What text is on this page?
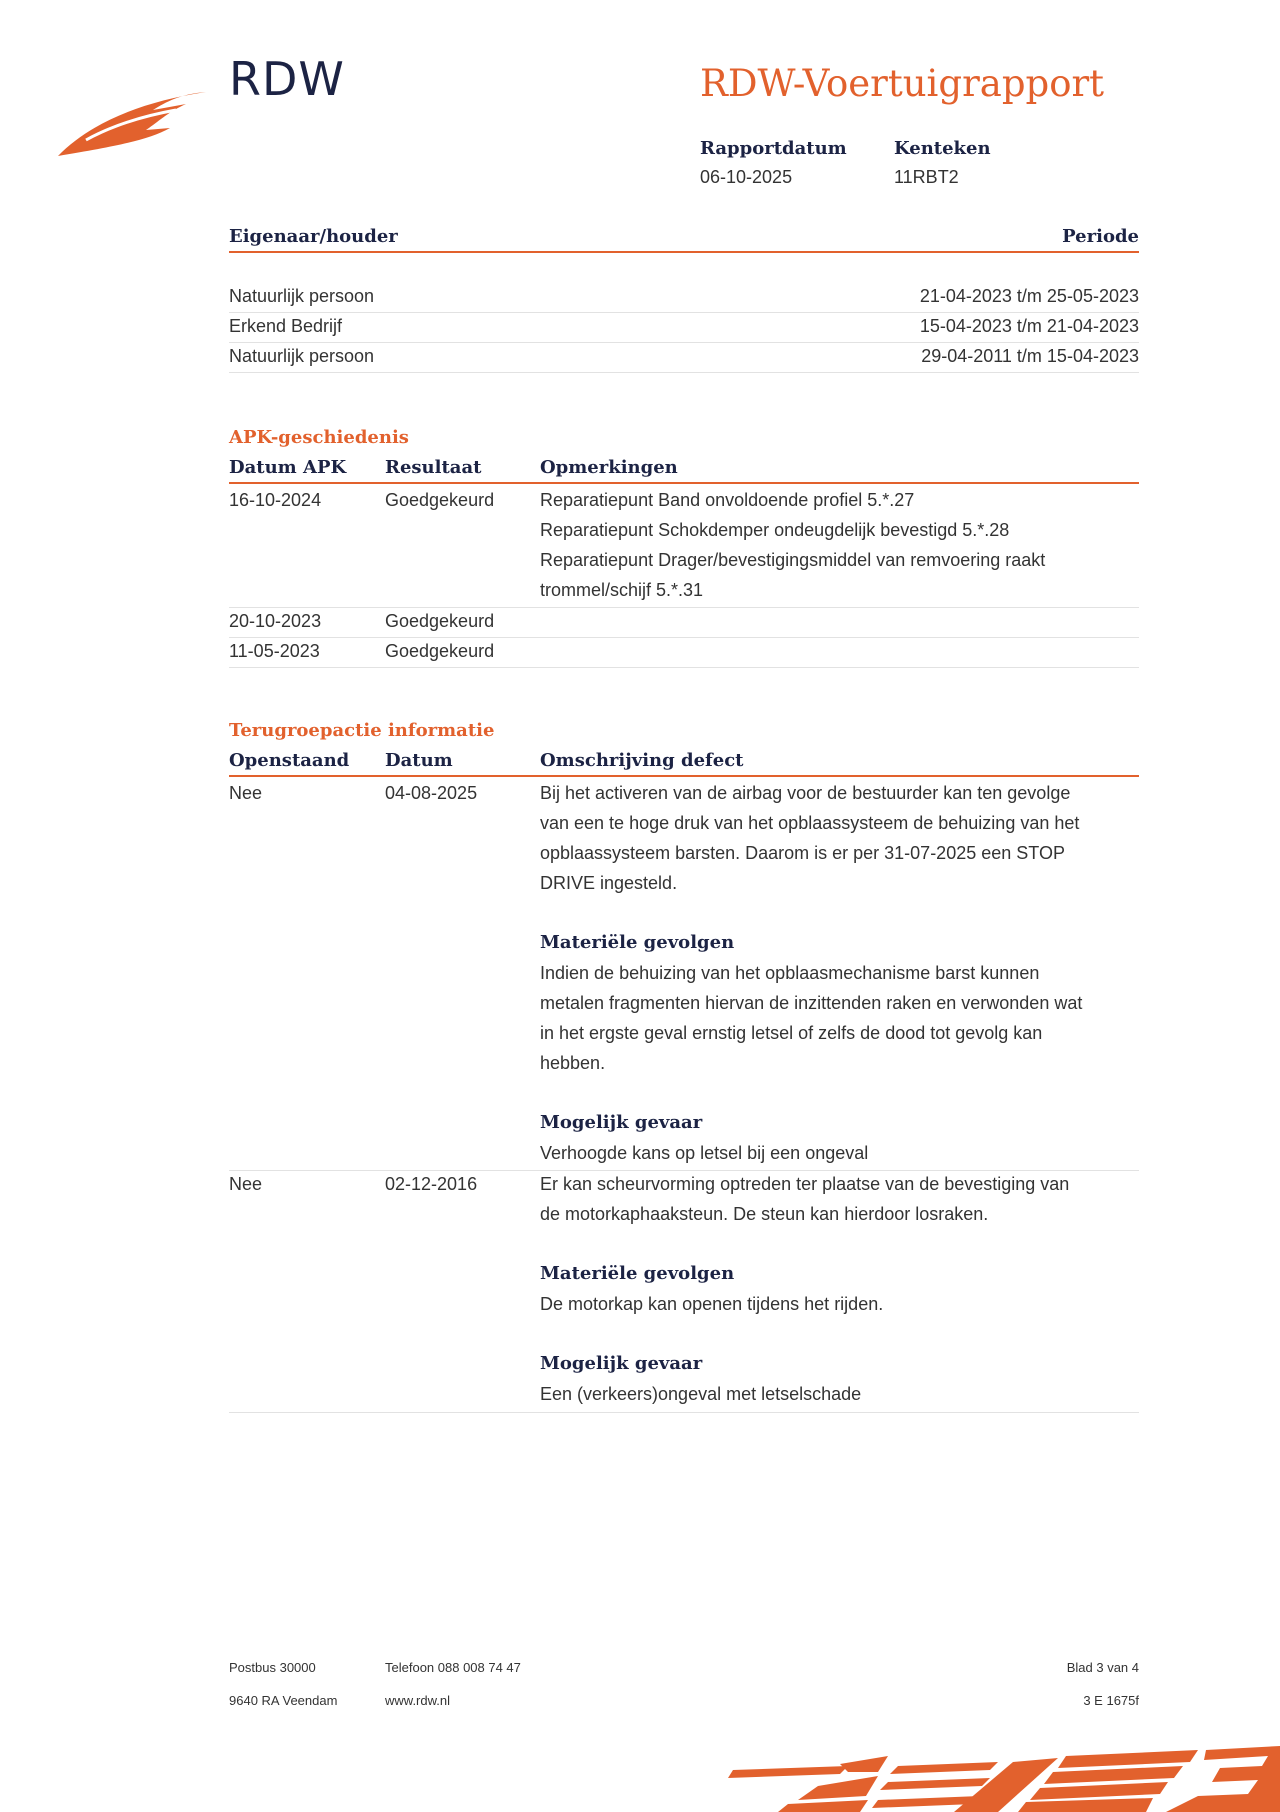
RDW	RDW-Voertuigrapport
Rapportdatum
06-10-2025
Kenteken
11RBT2
Eigenaar/houder	Periode
Natuurlijk persoon	21-04-2023 t/m 25-05-2023
Erkend Bedrijf	15-04-2023 t/m 21-04-2023
Natuurlijk persoon	29-04-2011 t/m 15-04-2023
APK-geschiedenis
Datum APK Resultaat	Opmerkingen
16-10-2024	Goedgekeurd	Reparatiepunt Band onvoldoende profiel 5.*.27
Reparatiepunt Schokdemper ondeugdelijk bevestigd 5.*.28
Reparatiepunt Drager/bevestigingsmiddel van remvoering raakt
trommel/schijf 5.*.31
20-10-2023	Goedgekeurd
11-05-2023	Goedgekeurd
Terugroepactie informatie
Openstaand Datum	Omschrijving defect
Nee	04-08-2025	Bij het activeren van de airbag voor de bestuurder kan ten gevolge
van een te hoge druk van het opblaassysteem de behuizing van het
opblaassysteem barsten. Daarom is er per 31-07-2025 een STOP
DRIVE ingesteld.
Materiële gevolgen
Indien de behuizing van het opblaasmechanisme barst kunnen
metalen fragmenten hiervan de inzittenden raken en verwonden wat
in het ergste geval ernstig letsel of zelfs de dood tot gevolg kan
hebben.
Mogelijk gevaar
Verhoogde kans op letsel bij een ongeval
Nee	02-12-2016	Er kan scheurvorming optreden ter plaatse van de bevestiging van
de motorkaphaaksteun. De steun kan hierdoor losraken.
Materiële gevolgen
De motorkap kan openen tijdens het rijden.
Mogelijk gevaar
Een (verkeers)ongeval met letselschade
Postbus 30000
9640 RA Veendam
Telefoon 088 008 74 47
www.rdw.nl
Blad 3 van 4
3 E 1675f
